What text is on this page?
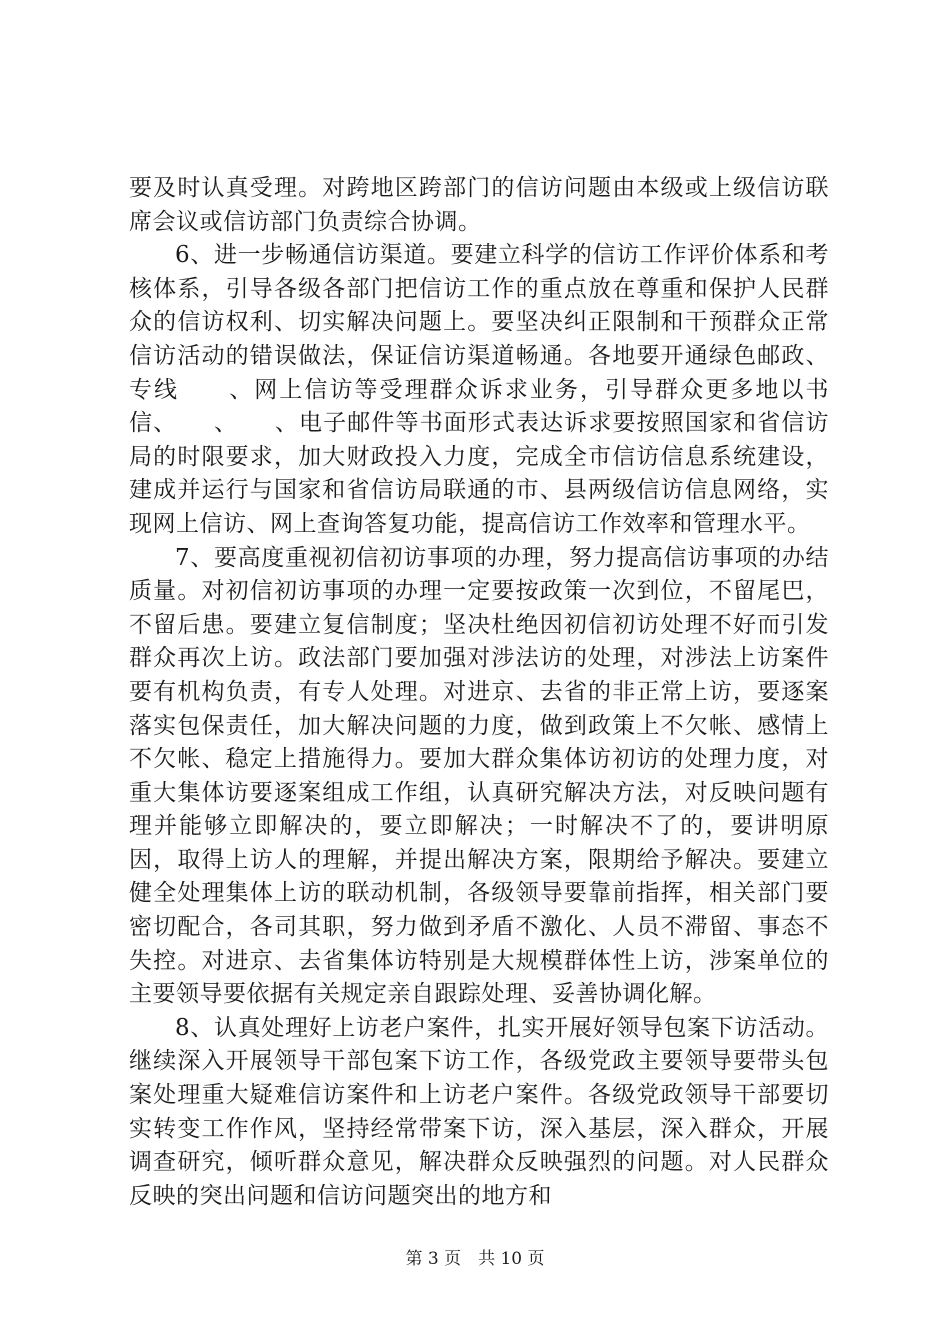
要及时认真受理。对跨地区跨部门的信访问题由本级或上级信访联席会议或信访部门负责综合协调。

6、进一步畅通信访渠道。要建立科学的信访工作评价体系和考核体系，引导各级各部门把信访工作的重点放在尊重和保护人民群众的信访权利、切实解决问题上。要坚决纠正限制和干预群众正常信访活动的错误做法，保证信访渠道畅通。各地要开通绿色邮政、专线　　、网上信访等受理群众诉求业务，引导群众更多地以书信、　　、　　、电子邮件等书面形式表达诉求要按照国家和省信访局的时限要求，加大财政投入力度，完成全市信访信息系统建设，建成并运行与国家和省信访局联通的市、县两级信访信息网络，实现网上信访、网上查询答复功能，提高信访工作效率和管理水平。

7、要高度重视初信初访事项的办理，努力提高信访事项的办结质量。对初信初访事项的办理一定要按政策一次到位，不留尾巴，不留后患。要建立复信制度；坚决杜绝因初信初访处理不好而引发群众再次上访。政法部门要加强对涉法访的处理，对涉法上访案件要有机构负责，有专人处理。对进京、去省的非正常上访，要逐案落实包保责任，加大解决问题的力度，做到政策上不欠帐、感情上不欠帐、稳定上措施得力。要加大群众集体访初访的处理力度，对重大集体访要逐案组成工作组，认真研究解决方法，对反映问题有理并能够立即解决的，要立即解决；一时解决不了的，要讲明原因，取得上访人的理解，并提出解决方案，限期给予解决。要建立健全处理集体上访的联动机制，各级领导要靠前指挥，相关部门要密切配合，各司其职，努力做到矛盾不激化、人员不滞留、事态不失控。对进京、去省集体访特别是大规模群体性上访，涉案单位的主要领导要依据有关规定亲自跟踪处理、妥善协调化解。

8、认真处理好上访老户案件，扎实开展好领导包案下访活动。继续深入开展领导干部包案下访工作，各级党政主要领导要带头包案处理重大疑难信访案件和上访老户案件。各级党政领导干部要切实转变工作作风，坚持经常带案下访，深入基层，深入群众，开展调查研究，倾听群众意见，解决群众反映强烈的问题。对人民群众反映的突出问题和信访问题突出的地方和

第 3 页　共 10 页
